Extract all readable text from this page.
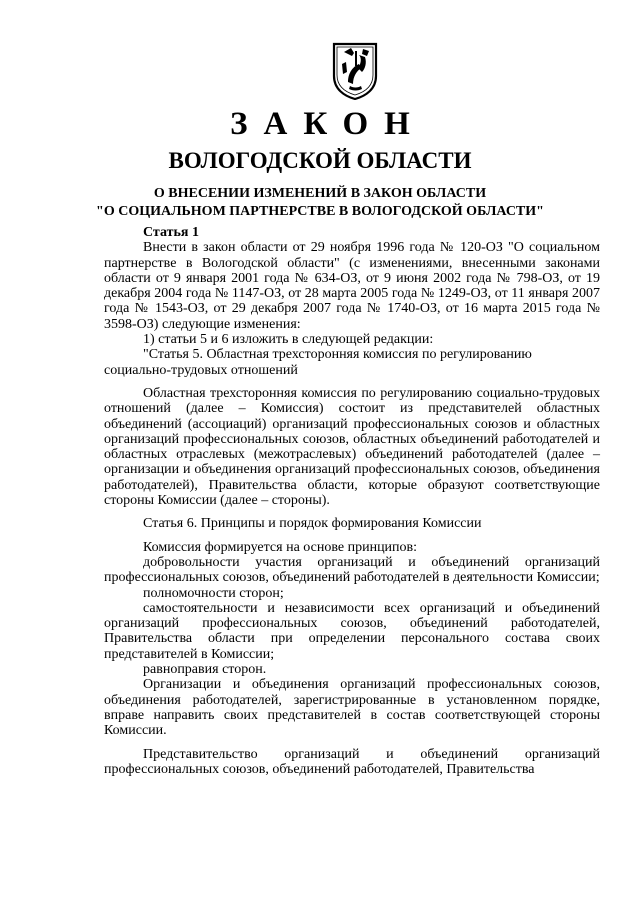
ЗАКОН
ВОЛОГОДСКОЙ ОБЛАСТИ
О ВНЕСЕНИИ ИЗМЕНЕНИЙ В ЗАКОН ОБЛАСТИ
"О СОЦИАЛЬНОМ ПАРТНЕРСТВЕ В ВОЛОГОДСКОЙ ОБЛАСТИ"

Статья 1

Внести в закон области от 29 ноября 1996 года № 120-ОЗ "О социальном партнерстве в Вологодской области" (с изменениями, внесенными законами области от 9 января 2001 года № 634-ОЗ, от 9 июня 2002 года № 798-ОЗ, от 19 декабря 2004 года № 1147-ОЗ, от 28 марта 2005 года № 1249-ОЗ, от 11 января 2007 года № 1543-ОЗ, от 29 декабря 2007 года № 1740-ОЗ, от 16 марта 2015 года № 3598-ОЗ) следующие изменения:

1) статьи 5 и 6 изложить в следующей редакции:

"Статья 5. Областная трехсторонняя комиссия по регулированию

социально-трудовых отношений

Областная трехсторонняя комиссия по регулированию социально-трудовых отношений (далее – Комиссия) состоит из представителей областных объединений (ассоциаций) организаций профессиональных союзов и областных организаций профессиональных союзов, областных объединений работодателей и областных отраслевых (межотраслевых) объединений работодателей (далее – организации и объединения организаций профессиональных союзов, объединения работодателей), Правительства области, которые образуют соответствующие стороны Комиссии (далее – стороны).

Статья 6. Принципы и порядок формирования Комиссии

Комиссия формируется на основе принципов:

добровольности участия организаций и объединений организаций профессиональных союзов, объединений работодателей в деятельности Комиссии;

полномочности сторон;

самостоятельности и независимости всех организаций и объединений организаций профессиональных союзов, объединений работодателей, Правительства области при определении персонального состава своих представителей в Комиссии;

равноправия сторон.

Организации и объединения организаций профессиональных союзов, объединения работодателей, зарегистрированные в установленном порядке, вправе направить своих представителей в состав соответствующей стороны Комиссии.

Представительство организаций и объединений организаций профессиональных союзов, объединений работодателей, Правительства
